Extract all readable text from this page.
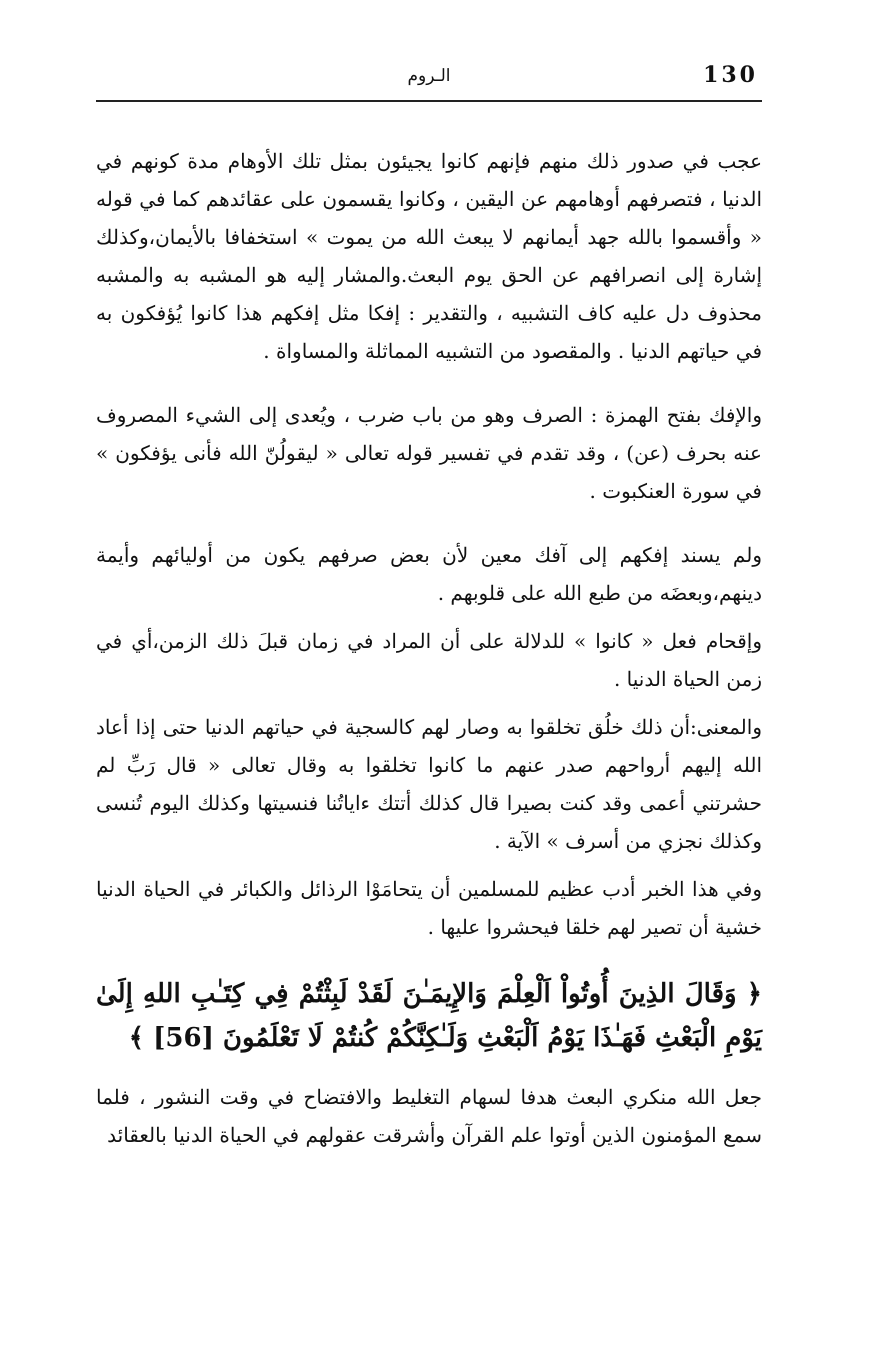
130
الـروم

عجب في صدور ذلك منهم فإنهم كانوا يجيئون بمثل تلك الأوهام مدة كونهم في الدنيا ، فتصرفهم أوهامهم عن اليقين ، وكانوا يقسمون على عقائدهم كما في قوله « وأقسموا بالله جهد أيمانهم لا يبعث الله من يموت » استخفافا بالأيمان،وكذلك إشارة إلى انصرافهم عن الحق يوم البعث.والمشار إليه هو المشبه به والمشبه محذوف دل عليه كاف التشبيه ، والتقدير : إفكا مثل إفكهم هذا كانوا يُؤفكون به في حياتهم الدنيا . والمقصود من التشبيه المماثلة والمساواة .

والإفك بفتح الهمزة : الصرف وهو من باب ضرب ، ويُعدى إلى الشيء المصروف عنه بحرف (عن) ، وقد تقدم في تفسير قوله تعالى « ليقولُنّ الله فأنى يؤفكون » في سورة العنكبوت .

ولم يسند إفكهم إلى آفك معين لأن بعض صرفهم يكون من أوليائهم وأيمة دينهم،وبعضَه من طبع الله على قلوبهم .

وإقحام فعل « كانوا » للدلالة على أن المراد في زمان قبلَ ذلك الزمن،أي في زمن الحياة الدنيا .

والمعنى:أن ذلك خلُق تخلقوا به وصار لهم كالسجية في حياتهم الدنيا حتى إذا أعاد الله إليهم أرواحهم صدر عنهم ما كانوا تخلقوا به وقال تعالى « قال رَبِّ لم حشرتني أعمى وقد كنت بصيرا قال كذلك أتتك ءاياتُنا فنسيتها وكذلك اليوم تُنسى وكذلك نجزي من أسرف » الآية .

وفي هذا الخبر أدب عظيم للمسلمين أن يتحامَوْا الرذائل والكبائر في الحياة الدنيا خشية أن تصير لهم خلقا فيحشروا عليها .

﴿ وَقَالَ الذِينَ أُوتُواْ اَلْعِلْمَ وَالإِيمَـٰنَ لَقَدْ لَبِثْتُمْ فِي كِتَـٰبِ اللهِ إِلَىٰ يَوْمِ الْبَعْثِ فَهَـٰذَا يَوْمُ اَلْبَعْثِ وَلَـٰكِنَّكُمْ كُنتُمْ لَا تَعْلَمُونَ [56] ﴾

جعل الله منكري البعث هدفا لسهام التغليط والافتضاح في وقت النشور ، فلما سمع المؤمنون الذين أوتوا علم القرآن وأشرقت عقولهم في الحياة الدنيا بالعقائد
